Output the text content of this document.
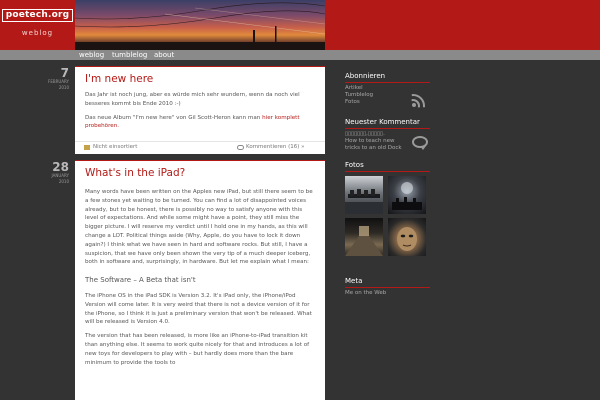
poetech.org
weblog
weblog tumblelog about
7
FEBRUARY
2010
I'm new here

Das Jahr ist noch jung, aber es würde mich sehr wundern, wenn da noch viel besseres kommt bis Ende 2010 :-)

Das neue Album "I'm new here" von Gil Scott-Heron kann man hier komplett probehören.

Nicht einsortiert	Kommentieren (16) »
28
JANUARY
2010
What's in the iPad?

Many words have been written on the Apples new iPad, but still there seem to be a few stones yet waiting to be turned. You can find a lot of disappointed voices already, but to be honest, there is possibly no way to satisfy anyone with this level of expectations. And while some might have a point, they still miss the bigger picture. I will reserve my verdict until I hold one in my hands, as this will change a LOT. Political things aside (Why, Apple, do you have to lock it down again?) I think what we have seen in hard and software rocks. But still, I have a suspicion, that we have only been shown the very tip of a much deeper iceberg, both in software and, surprisingly, in hardware. But let me explain what I mean:

The Software – A Beta that isn't

The iPhone OS in the iPad SDK is Version 3.2. It's iPad only, the iPhone/iPod Version will come later. It is very weird that there is not a device version of it for the iPhone, so I think it is just a preliminary version that won't be released. What will be released is Version 4.0.

The version that has been released, is more like an iPhone-to-iPad transition kit than anything else. It seems to work quite nicely for that and introduces a lot of new toys for developers to play with – but hardly does more than the bare minimum to provide the tools to

Abonnieren
Artikel
Tumblelog
Fotos
Neuester Kommentar
▯▯▯▯▯▯▯,▯▯▯▯▯.
How to teach new tricks to an old Dock
Fotos
Meta
Me on the Web
